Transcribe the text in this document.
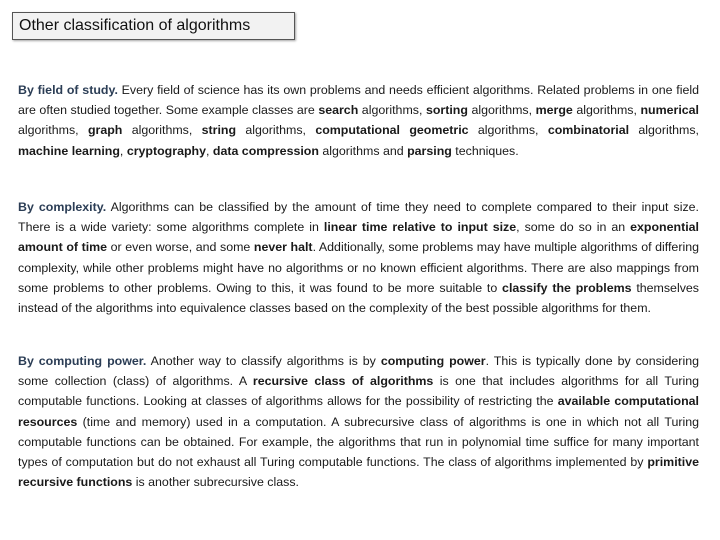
Other classification of algorithms

By field of study. Every field of science has its own problems and needs efficient algorithms. Related problems in one field are often studied together. Some example classes are search algorithms, sorting algorithms, merge algorithms, numerical algorithms, graph algorithms, string algorithms, computational geometric algorithms, combinatorial algorithms, machine learning, cryptography, data compression algorithms and parsing techniques.

By complexity. Algorithms can be classified by the amount of time they need to complete compared to their input size. There is a wide variety: some algorithms complete in linear time relative to input size, some do so in an exponential amount of time or even worse, and some never halt. Additionally, some problems may have multiple algorithms of differing complexity, while other problems might have no algorithms or no known efficient algorithms. There are also mappings from some problems to other problems. Owing to this, it was found to be more suitable to classify the problems themselves instead of the algorithms into equivalence classes based on the complexity of the best possible algorithms for them.

By computing power. Another way to classify algorithms is by computing power. This is typically done by considering some collection (class) of algorithms. A recursive class of algorithms is one that includes algorithms for all Turing computable functions. Looking at classes of algorithms allows for the possibility of restricting the available computational resources (time and memory) used in a computation. A subrecursive class of algorithms is one in which not all Turing computable functions can be obtained. For example, the algorithms that run in polynomial time suffice for many important types of computation but do not exhaust all Turing computable functions. The class of algorithms implemented by primitive recursive functions is another subrecursive class.
